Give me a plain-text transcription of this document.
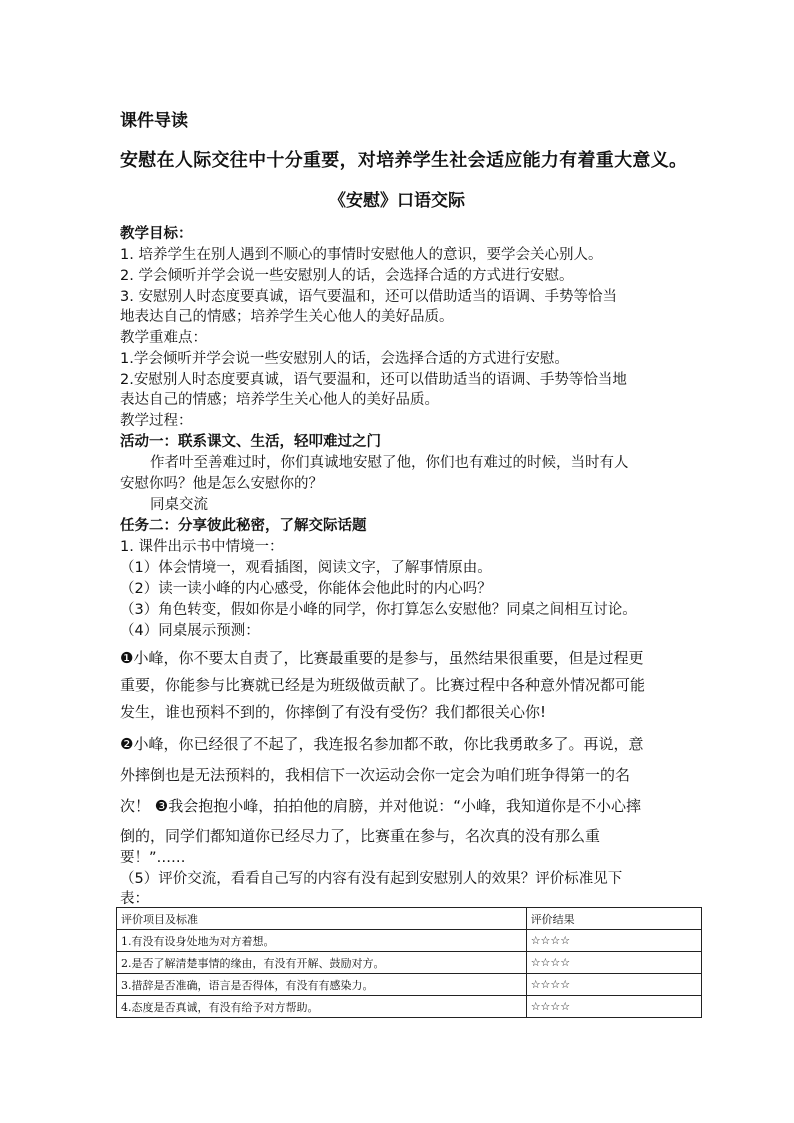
课件导读
安慰在人际交往中十分重要，对培养学生社会适应能力有着重大意义。
《安慰》口语交际
教学目标：
1. 培养学生在别人遇到不顺心的事情时安慰他人的意识，要学会关心别人。
2. 学会倾听并学会说一些安慰别人的话，会选择合适的方式进行安慰。
3. 安慰别人时态度要真诚，语气要温和，还可以借助适当的语调、手势等恰当
地表达自己的情感；培养学生关心他人的美好品质。
教学重难点：
1.学会倾听并学会说一些安慰别人的话，会选择合适的方式进行安慰。
2.安慰别人时态度要真诚，语气要温和，还可以借助适当的语调、手势等恰当地
表达自己的情感；培养学生关心他人的美好品质。
教学过程：
活动一：联系课文、生活，轻叩难过之门
作者叶至善难过时，你们真诚地安慰了他，你们也有难过的时候，当时有人
安慰你吗？他是怎么安慰你的？
同桌交流
任务二：分享彼此秘密，了解交际话题
1. 课件出示书中情境一：
（1）体会情境一，观看插图，阅读文字，了解事情原由。
（2）读一读小峰的内心感受，你能体会他此时的内心吗？
（3）角色转变，假如你是小峰的同学，你打算怎么安慰他？同桌之间相互讨论。
（4）同桌展示预测：
❶小峰，你不要太自责了，比赛最重要的是参与，虽然结果很重要，但是过程更
重要，你能参与比赛就已经是为班级做贡献了。比赛过程中各种意外情况都可能
发生，谁也预料不到的，你摔倒了有没有受伤？我们都很关心你!
❷小峰，你已经很了不起了，我连报名参加都不敢，你比我勇敢多了。再说，意
外摔倒也是无法预料的，我相信下一次运动会你一定会为咱们班争得第一的名
次！ ❸我会抱抱小峰，拍拍他的肩膀，并对他说：“小峰，我知道你是不小心摔
倒的，同学们都知道你已经尽力了，比赛重在参与，名次真的没有那么重
要！”……
（5）评价交流，看看自己写的内容有没有起到安慰别人的效果？评价标准见下
表：
评价项目及标准	评价结果
1.有没有设身处地为对方着想。	☆☆☆☆
2.是否了解清楚事情的缘由，有没有开解、鼓励对方。	☆☆☆☆
3.措辞是否准确，语言是否得体，有没有有感染力。	☆☆☆☆
4.态度是否真诚，有没有给予对方帮助。	☆☆☆☆
